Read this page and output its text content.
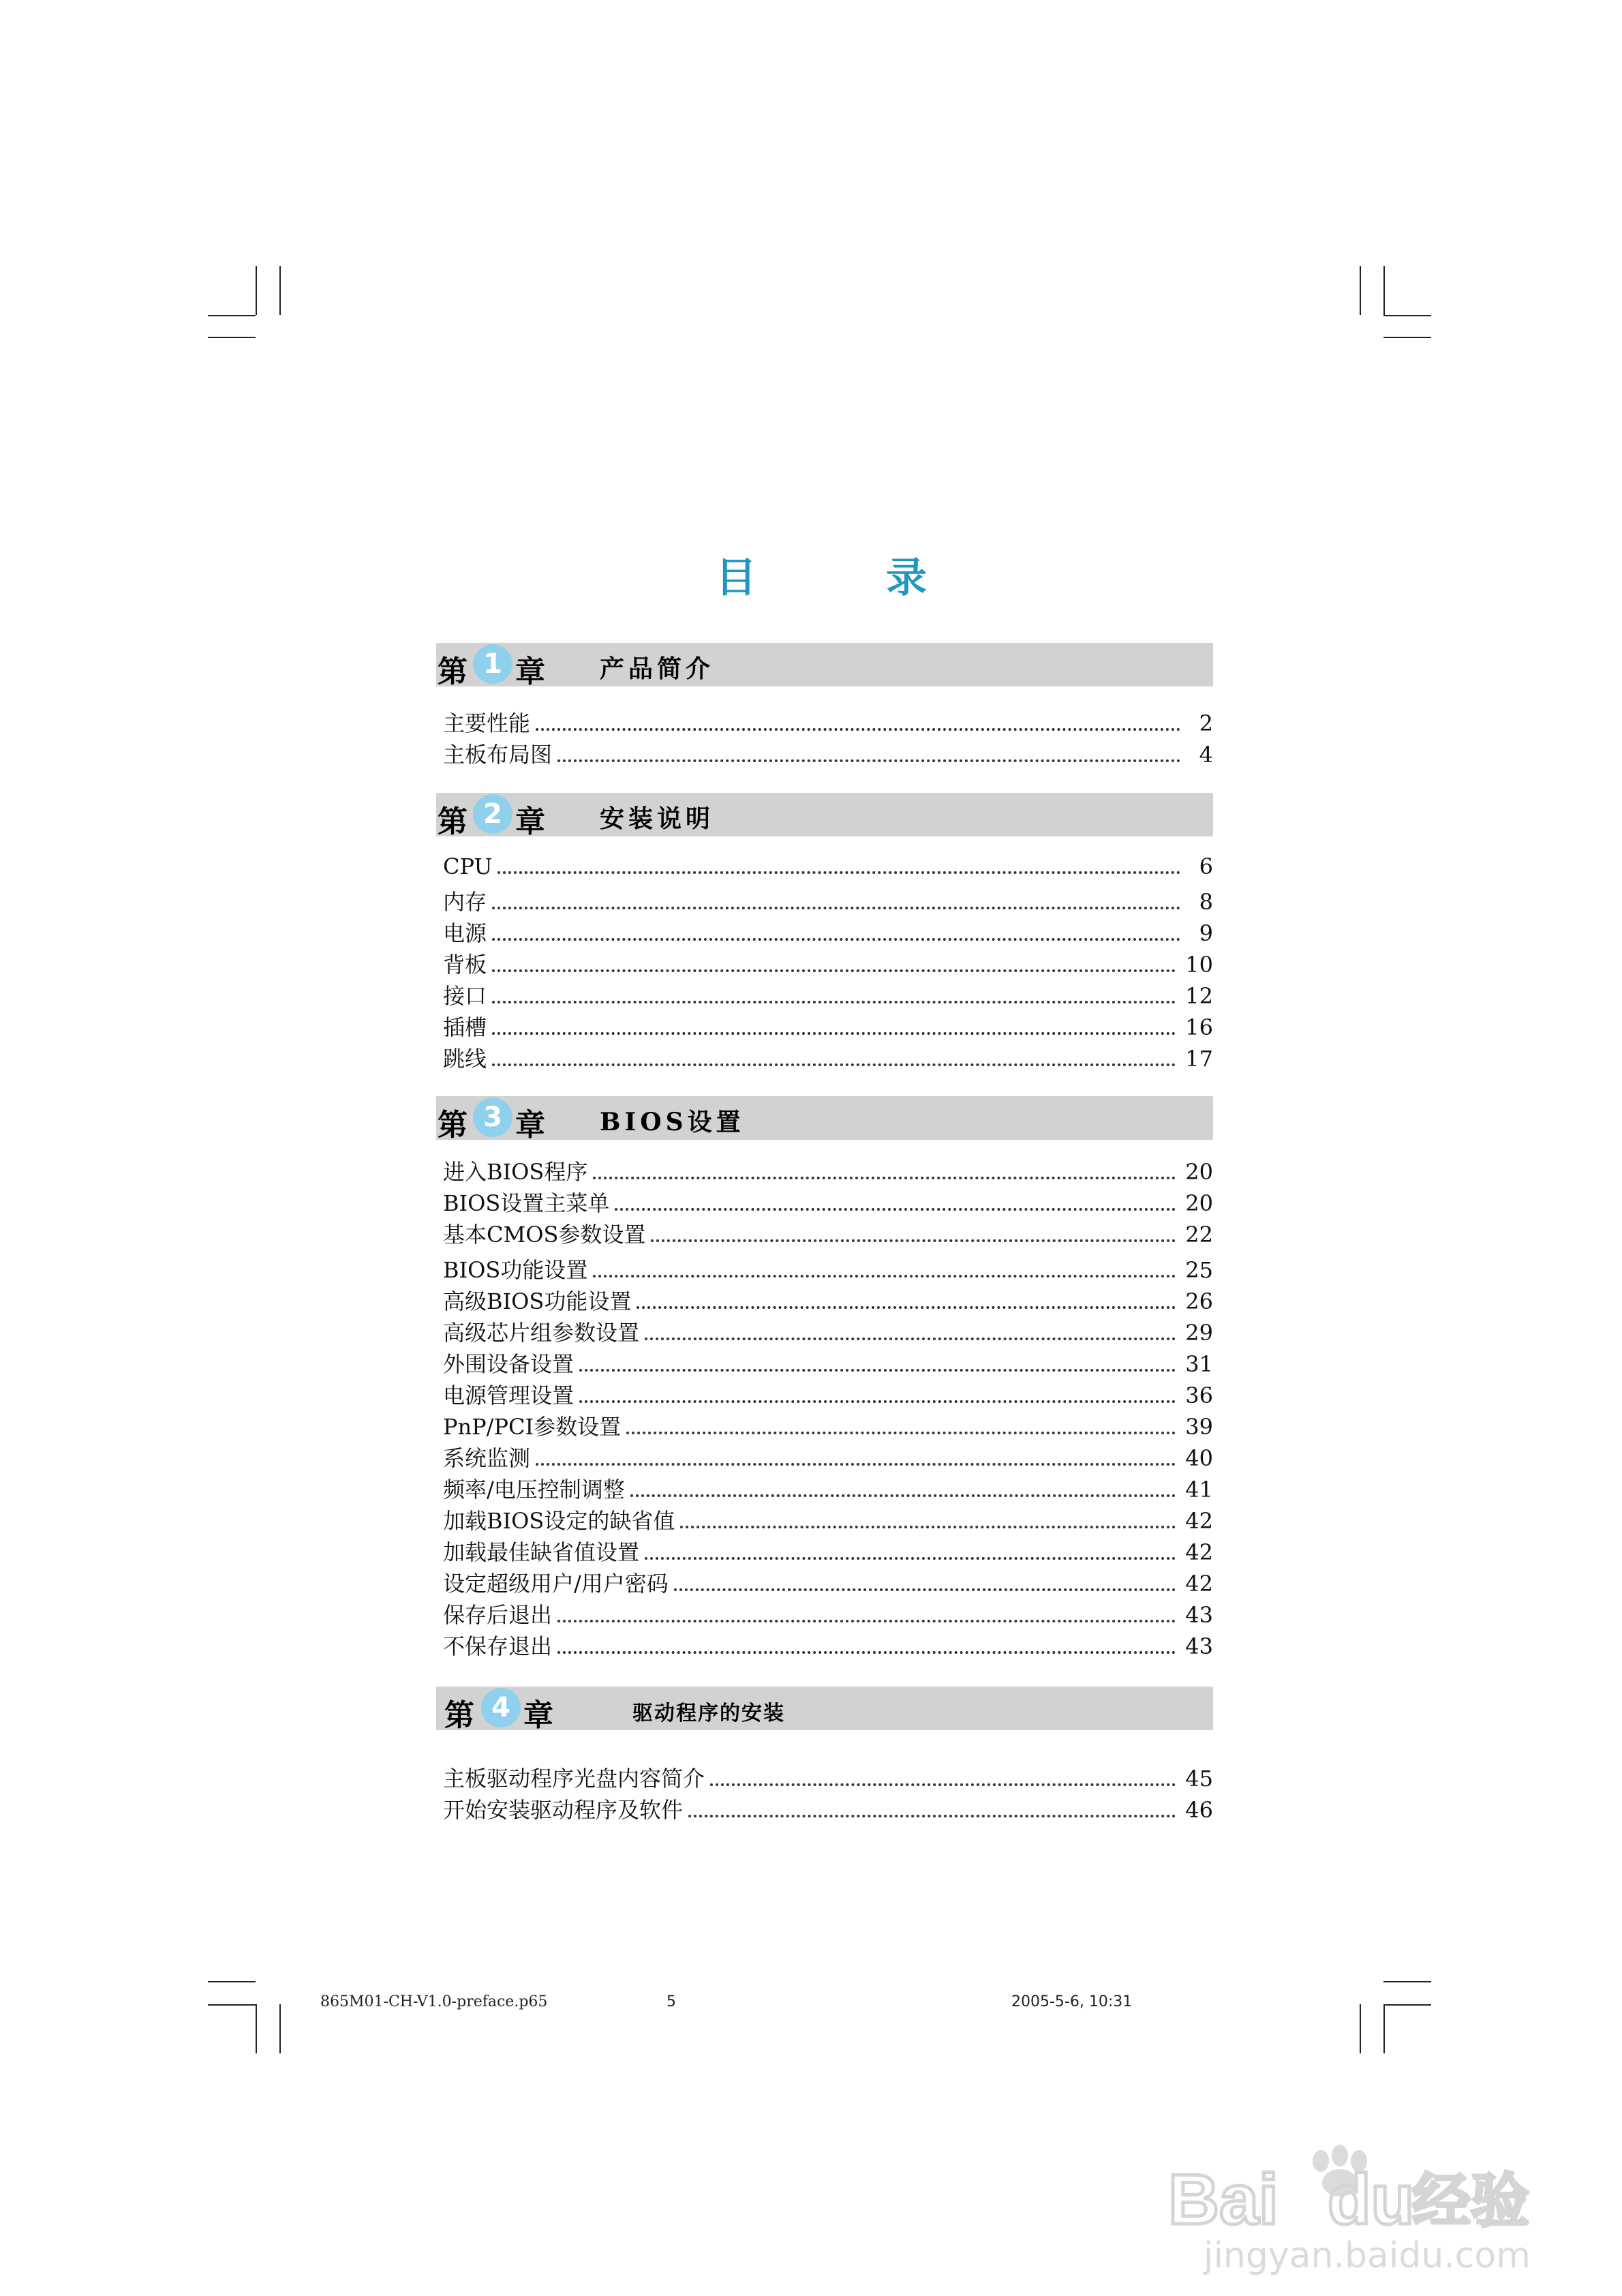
目	录
第 1 章 产品简介
主要性能	2
主板布局图	4
第 2 章 安装说明
CPU	6
内存	8
电源	9
背板	10
接口	12
插槽	16
跳线	17
第 3 章 BIOS设置
进入BIOS程序	20
BIOS设置主菜单	20
基本CMOS参数设置	22
BIOS功能设置	25
高级BIOS功能设置	26
高级芯片组参数设置	29
外围设备设置	31
电源管理设置	36
PnP/PCI参数设置	39
系统监测	40
频率/电压控制调整	41
加载BIOS设定的缺省值	42
加载最佳缺省值设置	42
设定超级用户/用户密码	42
保存后退出	43
不保存退出	43
第 4 章	驱动程序的安装
主板驱动程序光盘内容简介	45
开始安装驱动程序及软件	46
865M01-CH-V1.0-preface.p65	5	2005-5-6, 10:31
Bai du
经验
jingyan.baidu.com
